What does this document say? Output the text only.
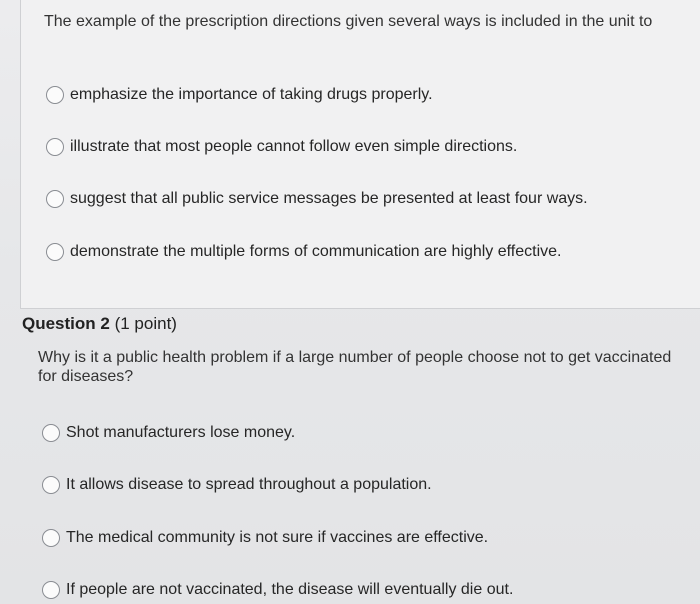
The example of the prescription directions given several ways is included in the unit to
emphasize the importance of taking drugs properly.
illustrate that most people cannot follow even simple directions.
suggest that all public service messages be presented at least four ways.
demonstrate the multiple forms of communication are highly effective.
Question 2 (1 point)
Why is it a public health problem if a large number of people choose not to get vaccinated for diseases?
Shot manufacturers lose money.
It allows disease to spread throughout a population.
The medical community is not sure if vaccines are effective.
If people are not vaccinated, the disease will eventually die out.
